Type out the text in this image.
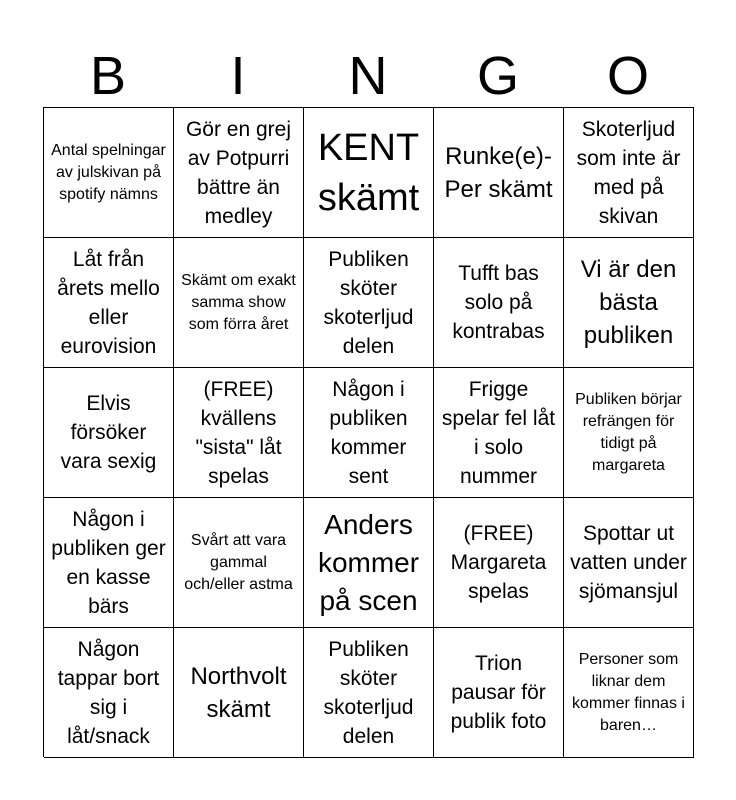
B	I	N	G	O
Antal spelningar av julskivan på spotify nämns
Gör en grej av Potpurri bättre än medley
KENT skämt
Runke(e)-Per skämt
Skoterljud som inte är med på skivan
Låt från årets mello eller eurovision
Skämt om exakt samma show som förra året
Publiken sköter skoterljud delen
Tufft bas solo på kontrabas
Vi är den bästa publiken
Elvis försöker vara sexig
(FREE) kvällens "sista" låt spelas
Någon i publiken kommer sent
Frigge spelar fel låt i solo nummer
Publiken börjar refrängen för tidigt på margareta
Någon i publiken ger en kasse bärs
Svårt att vara gammal och/eller astma
Anders kommer på scen
(FREE) Margareta spelas
Spottar ut vatten under sjömansjul
Någon tappar bort sig i låt/snack
Northvolt skämt
Publiken sköter skoterljud delen
Trion pausar för publik foto
Personer som liknar dem kommer finnas i baren…
